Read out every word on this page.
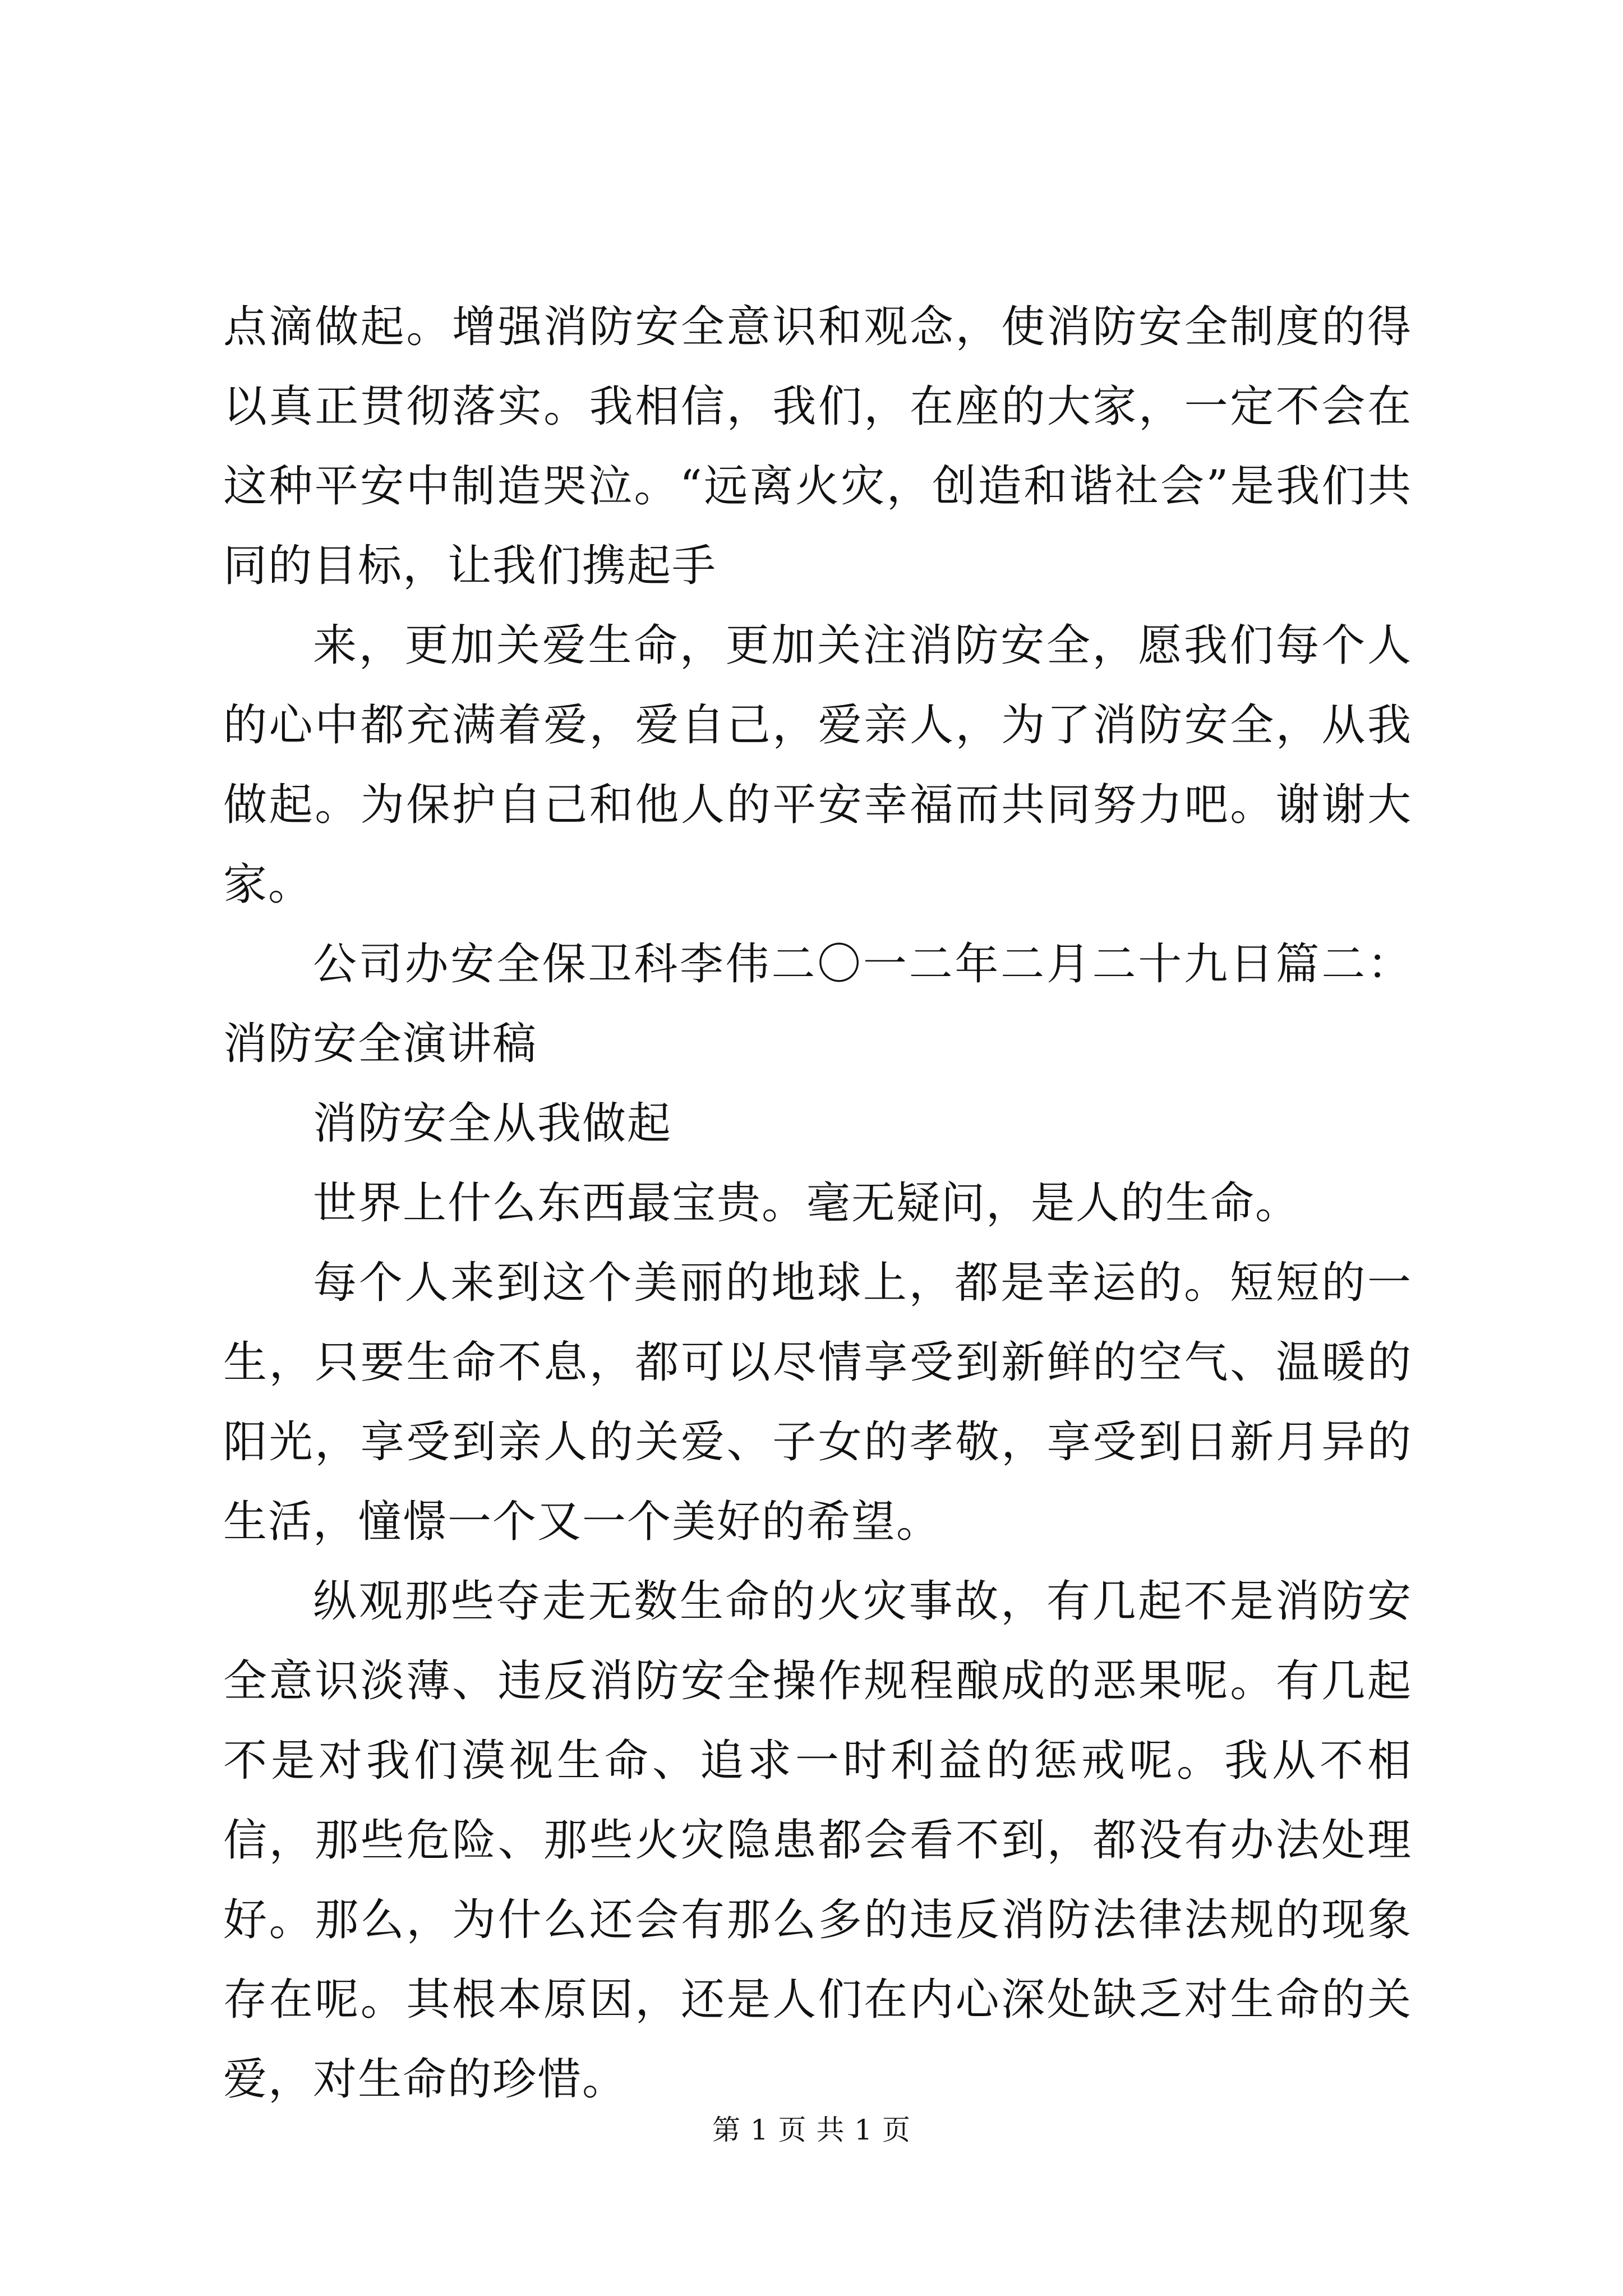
点滴做起。增强消防安全意识和观念，使消防安全制度的得以真正贯彻落实。我相信，我们，在座的大家，一定不会在这种平安中制造哭泣。“远离火灾，创造和谐社会”是我们共同的目标，让我们携起手

来，更加关爱生命，更加关注消防安全，愿我们每个人的心中都充满着爱，爱自己，爱亲人，为了消防安全，从我做起。为保护自己和他人的平安幸福而共同努力吧。谢谢大家。

公司办安全保卫科李伟二〇一二年二月二十九日篇二：消防安全演讲稿

消防安全从我做起

世界上什么东西最宝贵。毫无疑问，是人的生命。

每个人来到这个美丽的地球上，都是幸运的。短短的一生，只要生命不息，都可以尽情享受到新鲜的空气、温暖的阳光，享受到亲人的关爱、子女的孝敬，享受到日新月异的生活，憧憬一个又一个美好的希望。

纵观那些夺走无数生命的火灾事故，有几起不是消防安全意识淡薄、违反消防安全操作规程酿成的恶果呢。有几起不是对我们漠视生命、追求一时利益的惩戒呢。我从不相信，那些危险、那些火灾隐患都会看不到，都没有办法处理好。那么，为什么还会有那么多的违反消防法律法规的现象存在呢。其根本原因，还是人们在内心深处缺乏对生命的关爱，对生命的珍惜。

第 1 页 共 1 页
